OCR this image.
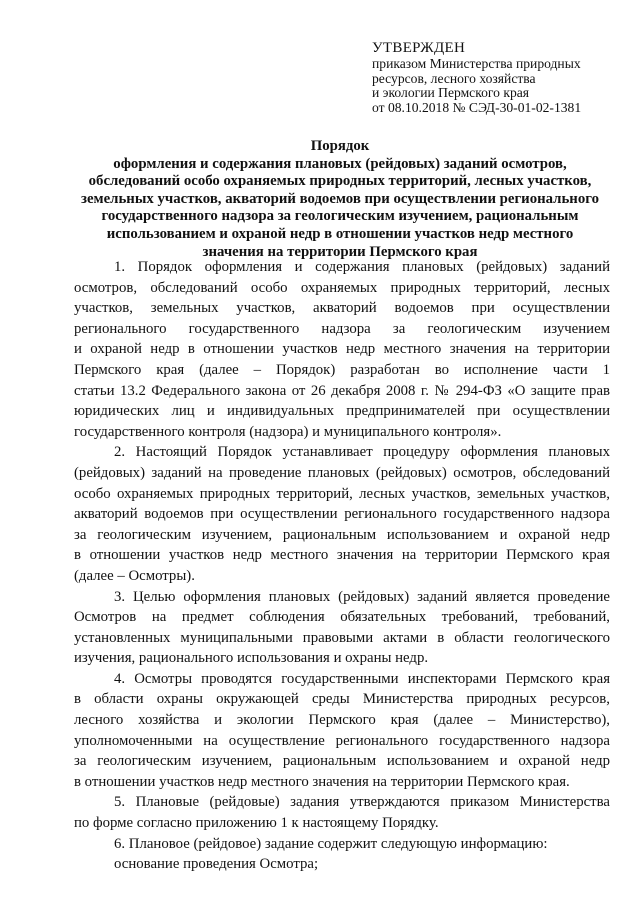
УТВЕРЖДЕН
приказом Министерства природных
ресурсов, лесного хозяйства
и экологии Пермского края
от 08.10.2018 № СЭД-30-01-02-1381
Порядок
оформления и содержания плановых (рейдовых) заданий осмотров,
обследований особо охраняемых природных территорий, лесных участков,
земельных участков, акваторий водоемов при осуществлении регионального
государственного надзора за геологическим изучением, рациональным
использованием и охраной недр в отношении участков недр местного
значения на территории Пермского края
1. Порядок оформления и содержания плановых (рейдовых) заданий
осмотров, обследований особо охраняемых природных территорий, лесных
участков, земельных участков, акваторий водоемов при осуществлении
регионального государственного надзора за геологическим изучением
и охраной недр в отношении участков недр местного значения на территории
Пермского края (далее – Порядок) разработан во исполнение части 1
статьи 13.2 Федерального закона от 26 декабря 2008 г. № 294-ФЗ «О защите прав
юридических лиц и индивидуальных предпринимателей при осуществлении
государственного контроля (надзора) и муниципального контроля».
2. Настоящий Порядок устанавливает процедуру оформления плановых
(рейдовых) заданий на проведение плановых (рейдовых) осмотров, обследований
особо охраняемых природных территорий, лесных участков, земельных участков,
акваторий водоемов при осуществлении регионального государственного надзора
за геологическим изучением, рациональным использованием и охраной недр
в отношении участков недр местного значения на территории Пермского края
(далее – Осмотры).
3. Целью оформления плановых (рейдовых) заданий является проведение
Осмотров на предмет соблюдения обязательных требований, требований,
установленных муниципальными правовыми актами в области геологического
изучения, рационального использования и охраны недр.
4. Осмотры проводятся государственными инспекторами Пермского края
в области охраны окружающей среды Министерства природных ресурсов,
лесного хозяйства и экологии Пермского края (далее – Министерство),
уполномоченными на осуществление регионального государственного надзора
за геологическим изучением, рациональным использованием и охраной недр
в отношении участков недр местного значения на территории Пермского края.
5. Плановые (рейдовые) задания утверждаются приказом Министерства
по форме согласно приложению 1 к настоящему Порядку.
6. Плановое (рейдовое) задание содержит следующую информацию:
основание проведения Осмотра;
